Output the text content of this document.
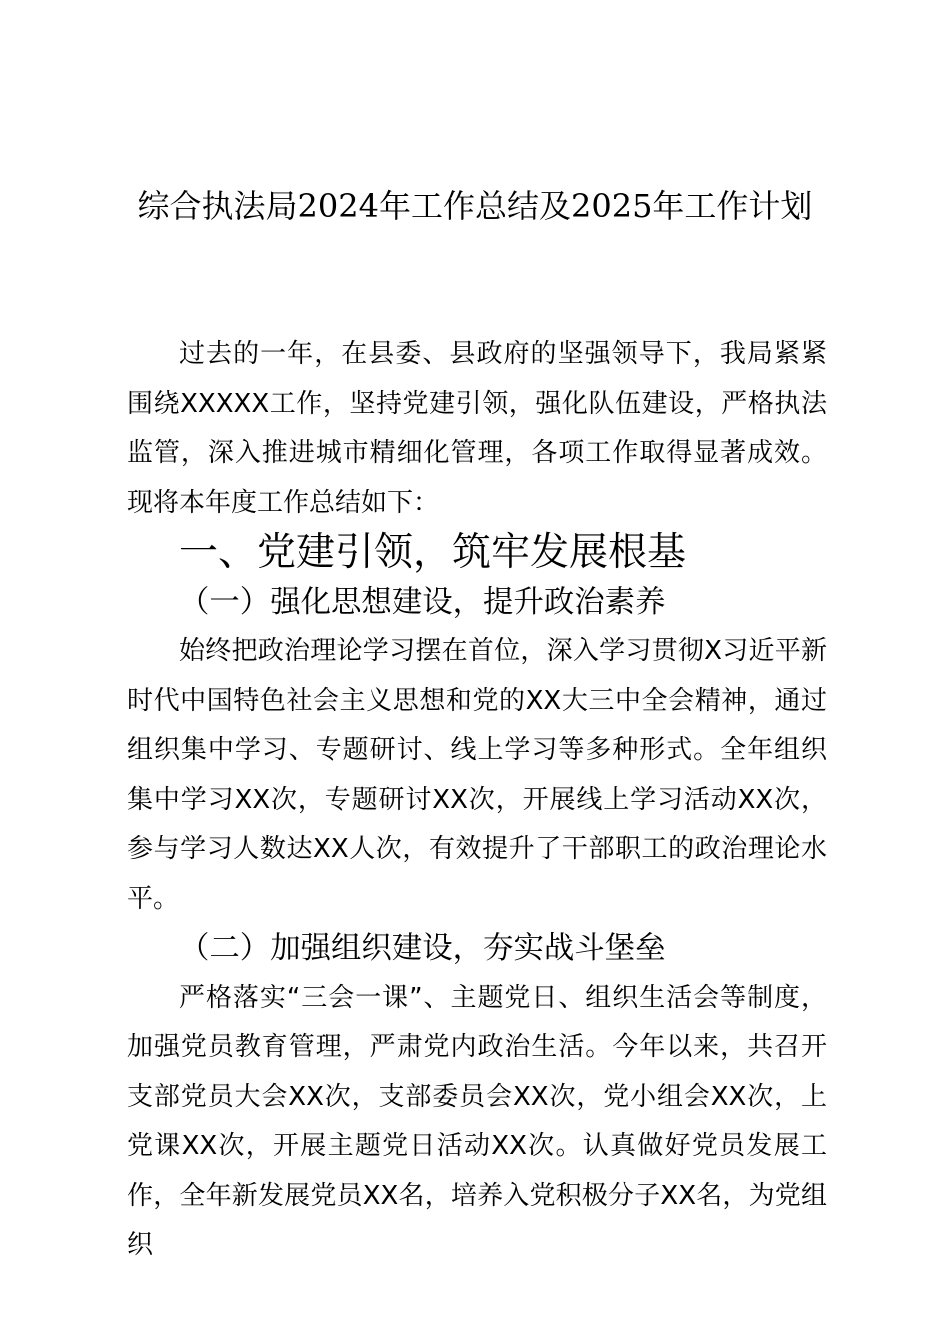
综合执法局2024年工作总结及2025年工作计划

过去的一年，在县委、县政府的坚强领导下，我局紧紧围绕XXXXX工作，坚持党建引领，强化队伍建设，严格执法监管，深入推进城市精细化管理，各项工作取得显著成效。现将本年度工作总结如下：

一、党建引领，筑牢发展根基
（一）强化思想建设，提升政治素养

始终把政治理论学习摆在首位，深入学习贯彻X习近平新时代中国特色社会主义思想和党的XX大三中全会精神，通过组织集中学习、专题研讨、线上学习等多种形式。全年组织集中学习XX次，专题研讨XX次，开展线上学习活动XX次，参与学习人数达XX人次，有效提升了干部职工的政治理论水平。

（二）加强组织建设，夯实战斗堡垒

严格落实“三会一课”、主题党日、组织生活会等制度，加强党员教育管理，严肃党内政治生活。今年以来，共召开支部党员大会XX次，支部委员会XX次，党小组会XX次，上党课XX次，开展主题党日活动XX次。认真做好党员发展工作，全年新发展党员XX名，培养入党积极分子XX名，为党组织
